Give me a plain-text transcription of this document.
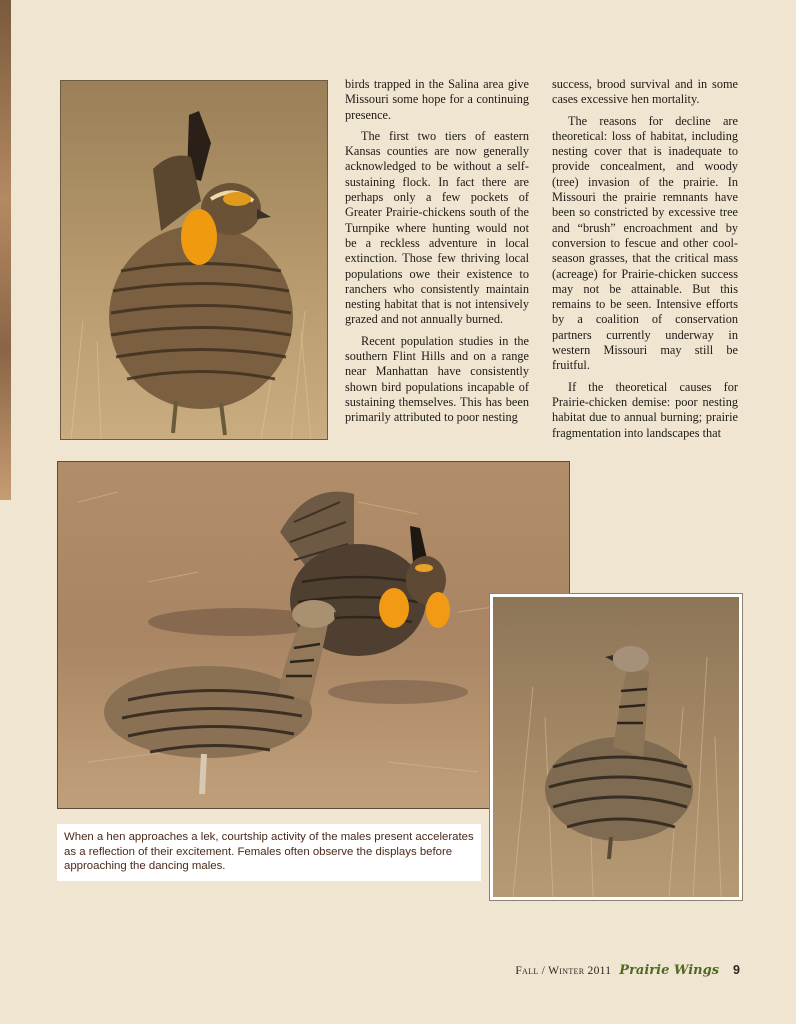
birds trapped in the Salina area give Missouri some hope for a continuing presence.

The first two tiers of eastern Kansas counties are now generally acknowledged to be without a self-sustaining flock. In fact there are perhaps only a few pockets of Greater Prairie-chickens south of the Turnpike where hunting would not be a reckless adventure in local extinction. Those few thriving local populations owe their existence to ranchers who consistently maintain nesting habitat that is not intensively grazed and not annually burned.

Recent population studies in the southern Flint Hills and on a range near Manhattan have consistently shown bird populations incapable of sustaining themselves. This has been primarily attributed to poor nesting

success, brood survival and in some cases excessive hen mortality.

The reasons for decline are theoretical: loss of habitat, including nesting cover that is inadequate to provide concealment, and woody (tree) invasion of the prairie. In Missouri the prairie remnants have been so constricted by excessive tree and “brush” encroachment and by conversion to fescue and other cool-season grasses, that the critical mass (acreage) for Prairie-chicken success may not be attainable. But this remains to be seen. Intensive efforts by a coalition of conservation partners currently underway in western Missouri may still be fruitful.

If the theoretical causes for Prairie-chicken demise: poor nesting habitat due to annual burning; prairie fragmentation into landscapes that

When a hen approaches a lek, courtship activity of the males present accelerates as a reflection of their excitement. Females often observe the displays before approaching the dancing males.
Fall / Winter 2011 Prairie Wings 9
